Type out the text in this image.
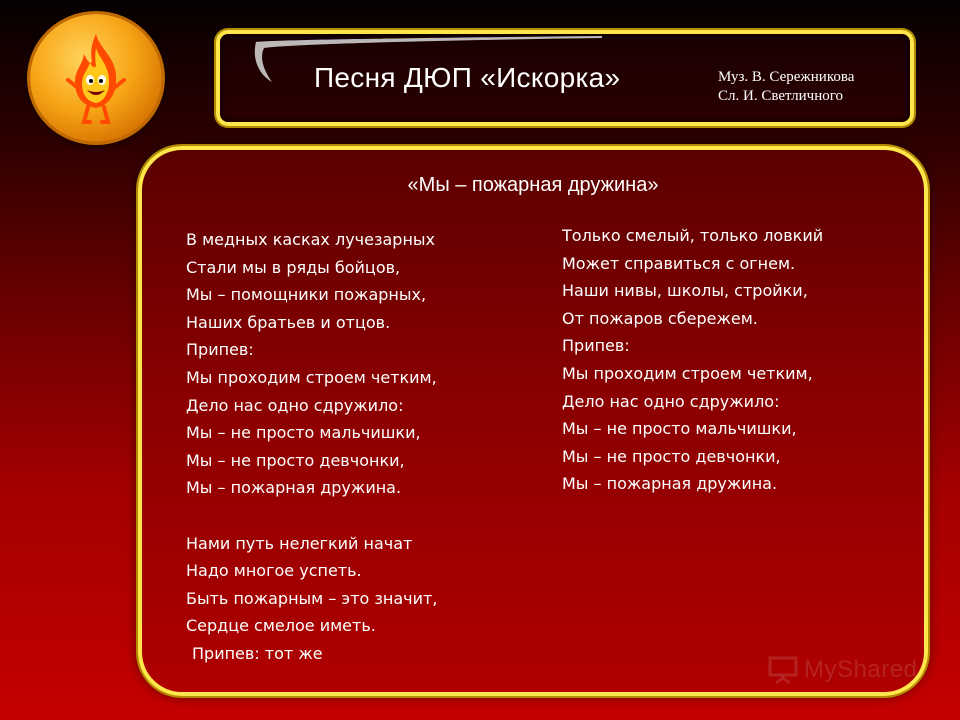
Песня ДЮП «Искорка»	Муз. В. Сережникова
Сл. И. Светличного
«Мы – пожарная дружина»
В медных касках лучезарных
Стали мы в ряды бойцов,
Мы – помощники пожарных,
Наших братьев и отцов.
Припев:
Мы проходим строем четким,
Дело нас одно сдружило:
Мы – не просто мальчишки,
Мы – не просто девчонки,
Мы – пожарная дружина.
Нами путь нелегкий начат
Надо многое успеть.
Быть пожарным – это значит,
Сердце смелое иметь.
Припев: тот же
Только смелый, только ловкий
Может справиться с огнем.
Наши нивы, школы, стройки,
От пожаров сбережем.
Припев:
Мы проходим строем четким,
Дело нас одно сдружило:
Мы – не просто мальчишки,
Мы – не просто девчонки,
Мы – пожарная дружина.
MyShared
